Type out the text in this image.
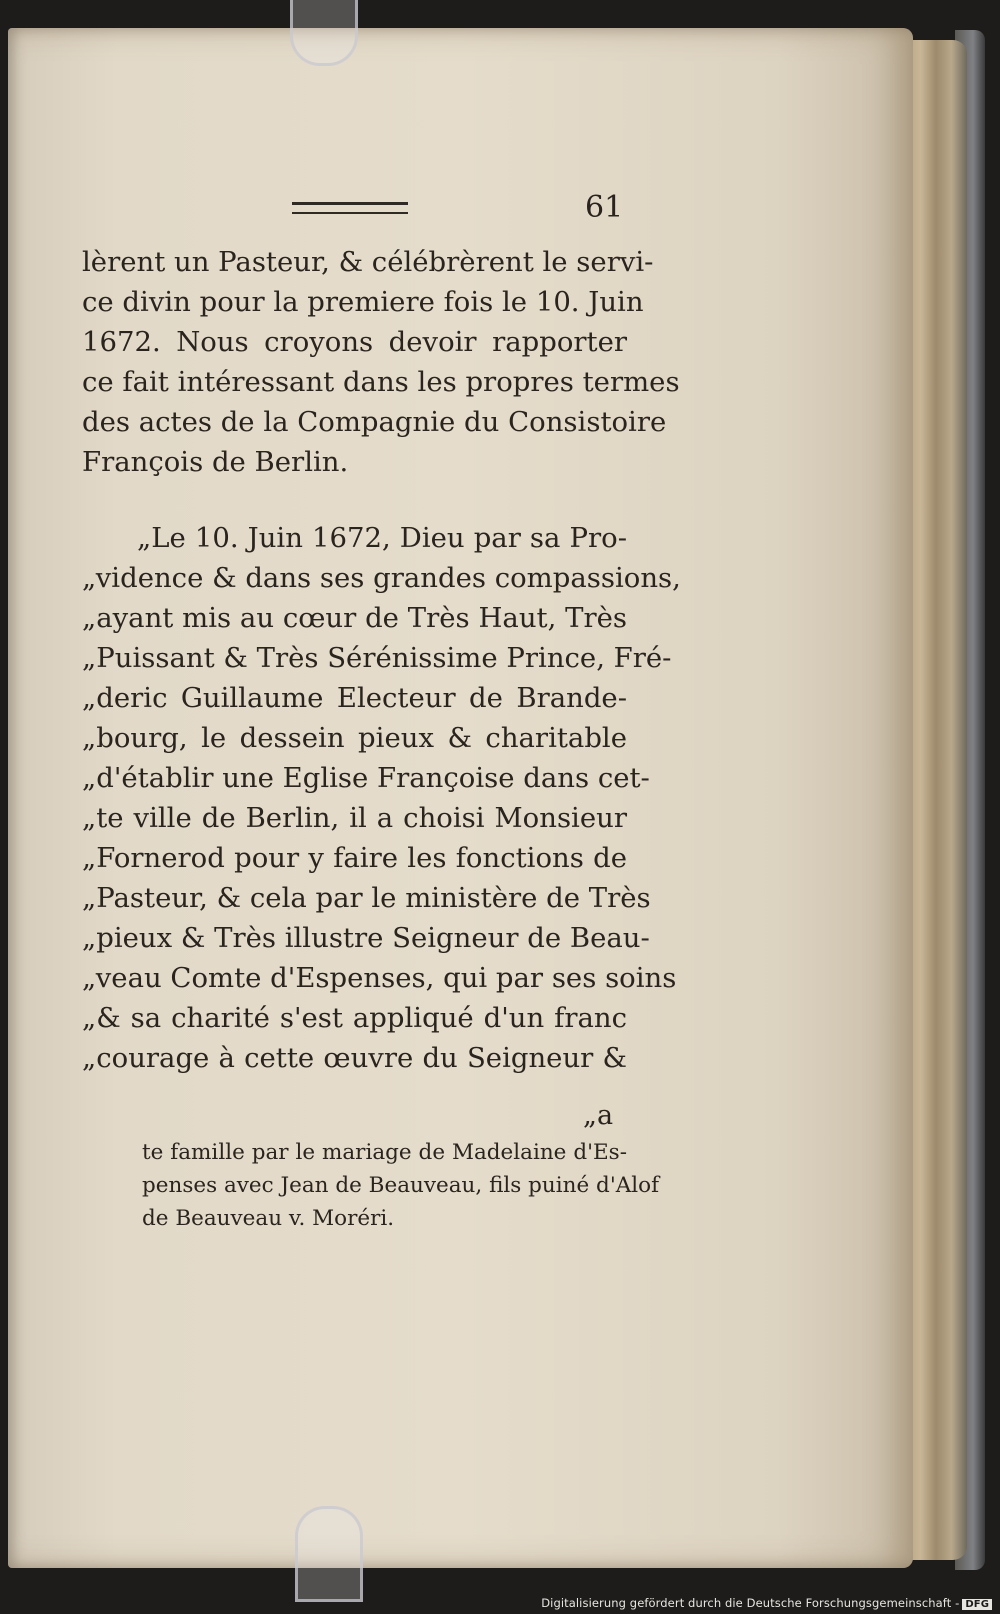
61
lèrent un Pasteur, & célébrèrent le servi-
ce divin pour la premiere fois le 10. Juin
1672. Nous croyons devoir rapporter
ce fait intéressant dans les propres termes
des actes de la Compagnie du Consistoire
François de Berlin.
„Le 10. Juin 1672, Dieu par sa Pro-
„vidence & dans ses grandes compassions,
„ayant mis au cœur de Très Haut, Très
„Puissant & Très Sérénissime Prince, Fré-
„deric Guillaume Electeur de Brande-
„bourg, le dessein pieux & charitable
„d'établir une Eglise Françoise dans cet-
„te ville de Berlin, il a choisi Monsieur
„Fornerod pour y faire les fonctions de
„Pasteur, & cela par le ministère de Très
„pieux & Très illustre Seigneur de Beau-
„veau Comte d'Espenses, qui par ses soins
„& sa charité s'est appliqué d'un franc
„courage à cette œuvre du Seigneur &
„a
te famille par le mariage de Madelaine d'Es-
penses avec Jean de Beauveau, fils puiné d'Alof
de Beauveau v. Moréri.
Digitalisierung gefördert durch die Deutsche Forschungsgemeinschaft - DFG
